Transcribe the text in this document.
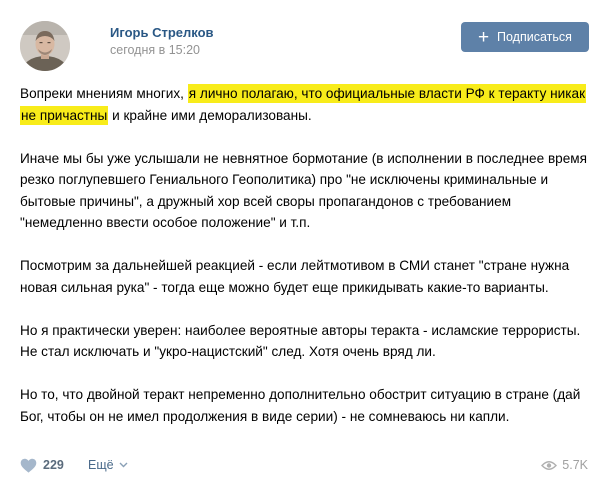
Игорь Стрелков
сегодня в 15:20
+ Подписаться

Вопреки мнениям многих, я лично полагаю, что официальные власти РФ к теракту никак не причастны и крайне ими деморализованы.

Иначе мы бы уже услышали не невнятное бормотание (в исполнении в последнее время резко поглупевшего Гениального Геополитика) про "не исключены криминальные и бытовые причины", а дружный хор всей своры пропагандонов с требованием "немедленно ввести особое положение" и т.п.

Посмотрим за дальнейшей реакцией - если лейтмотивом в СМИ станет "стране нужна новая сильная рука" - тогда еще можно будет еще прикидывать какие-то варианты.

Но я практически уверен: наиболее вероятные авторы теракта - исламские террористы.
Не стал исключать и "укро-нацистский" след. Хотя очень вряд ли.

Но то, что двойной теракт непременно дополнительно обострит ситуацию в стране (дай Бог, чтобы он не имел продолжения в виде серии) - не сомневаюсь ни капли.

229 Ещё	5.7K
